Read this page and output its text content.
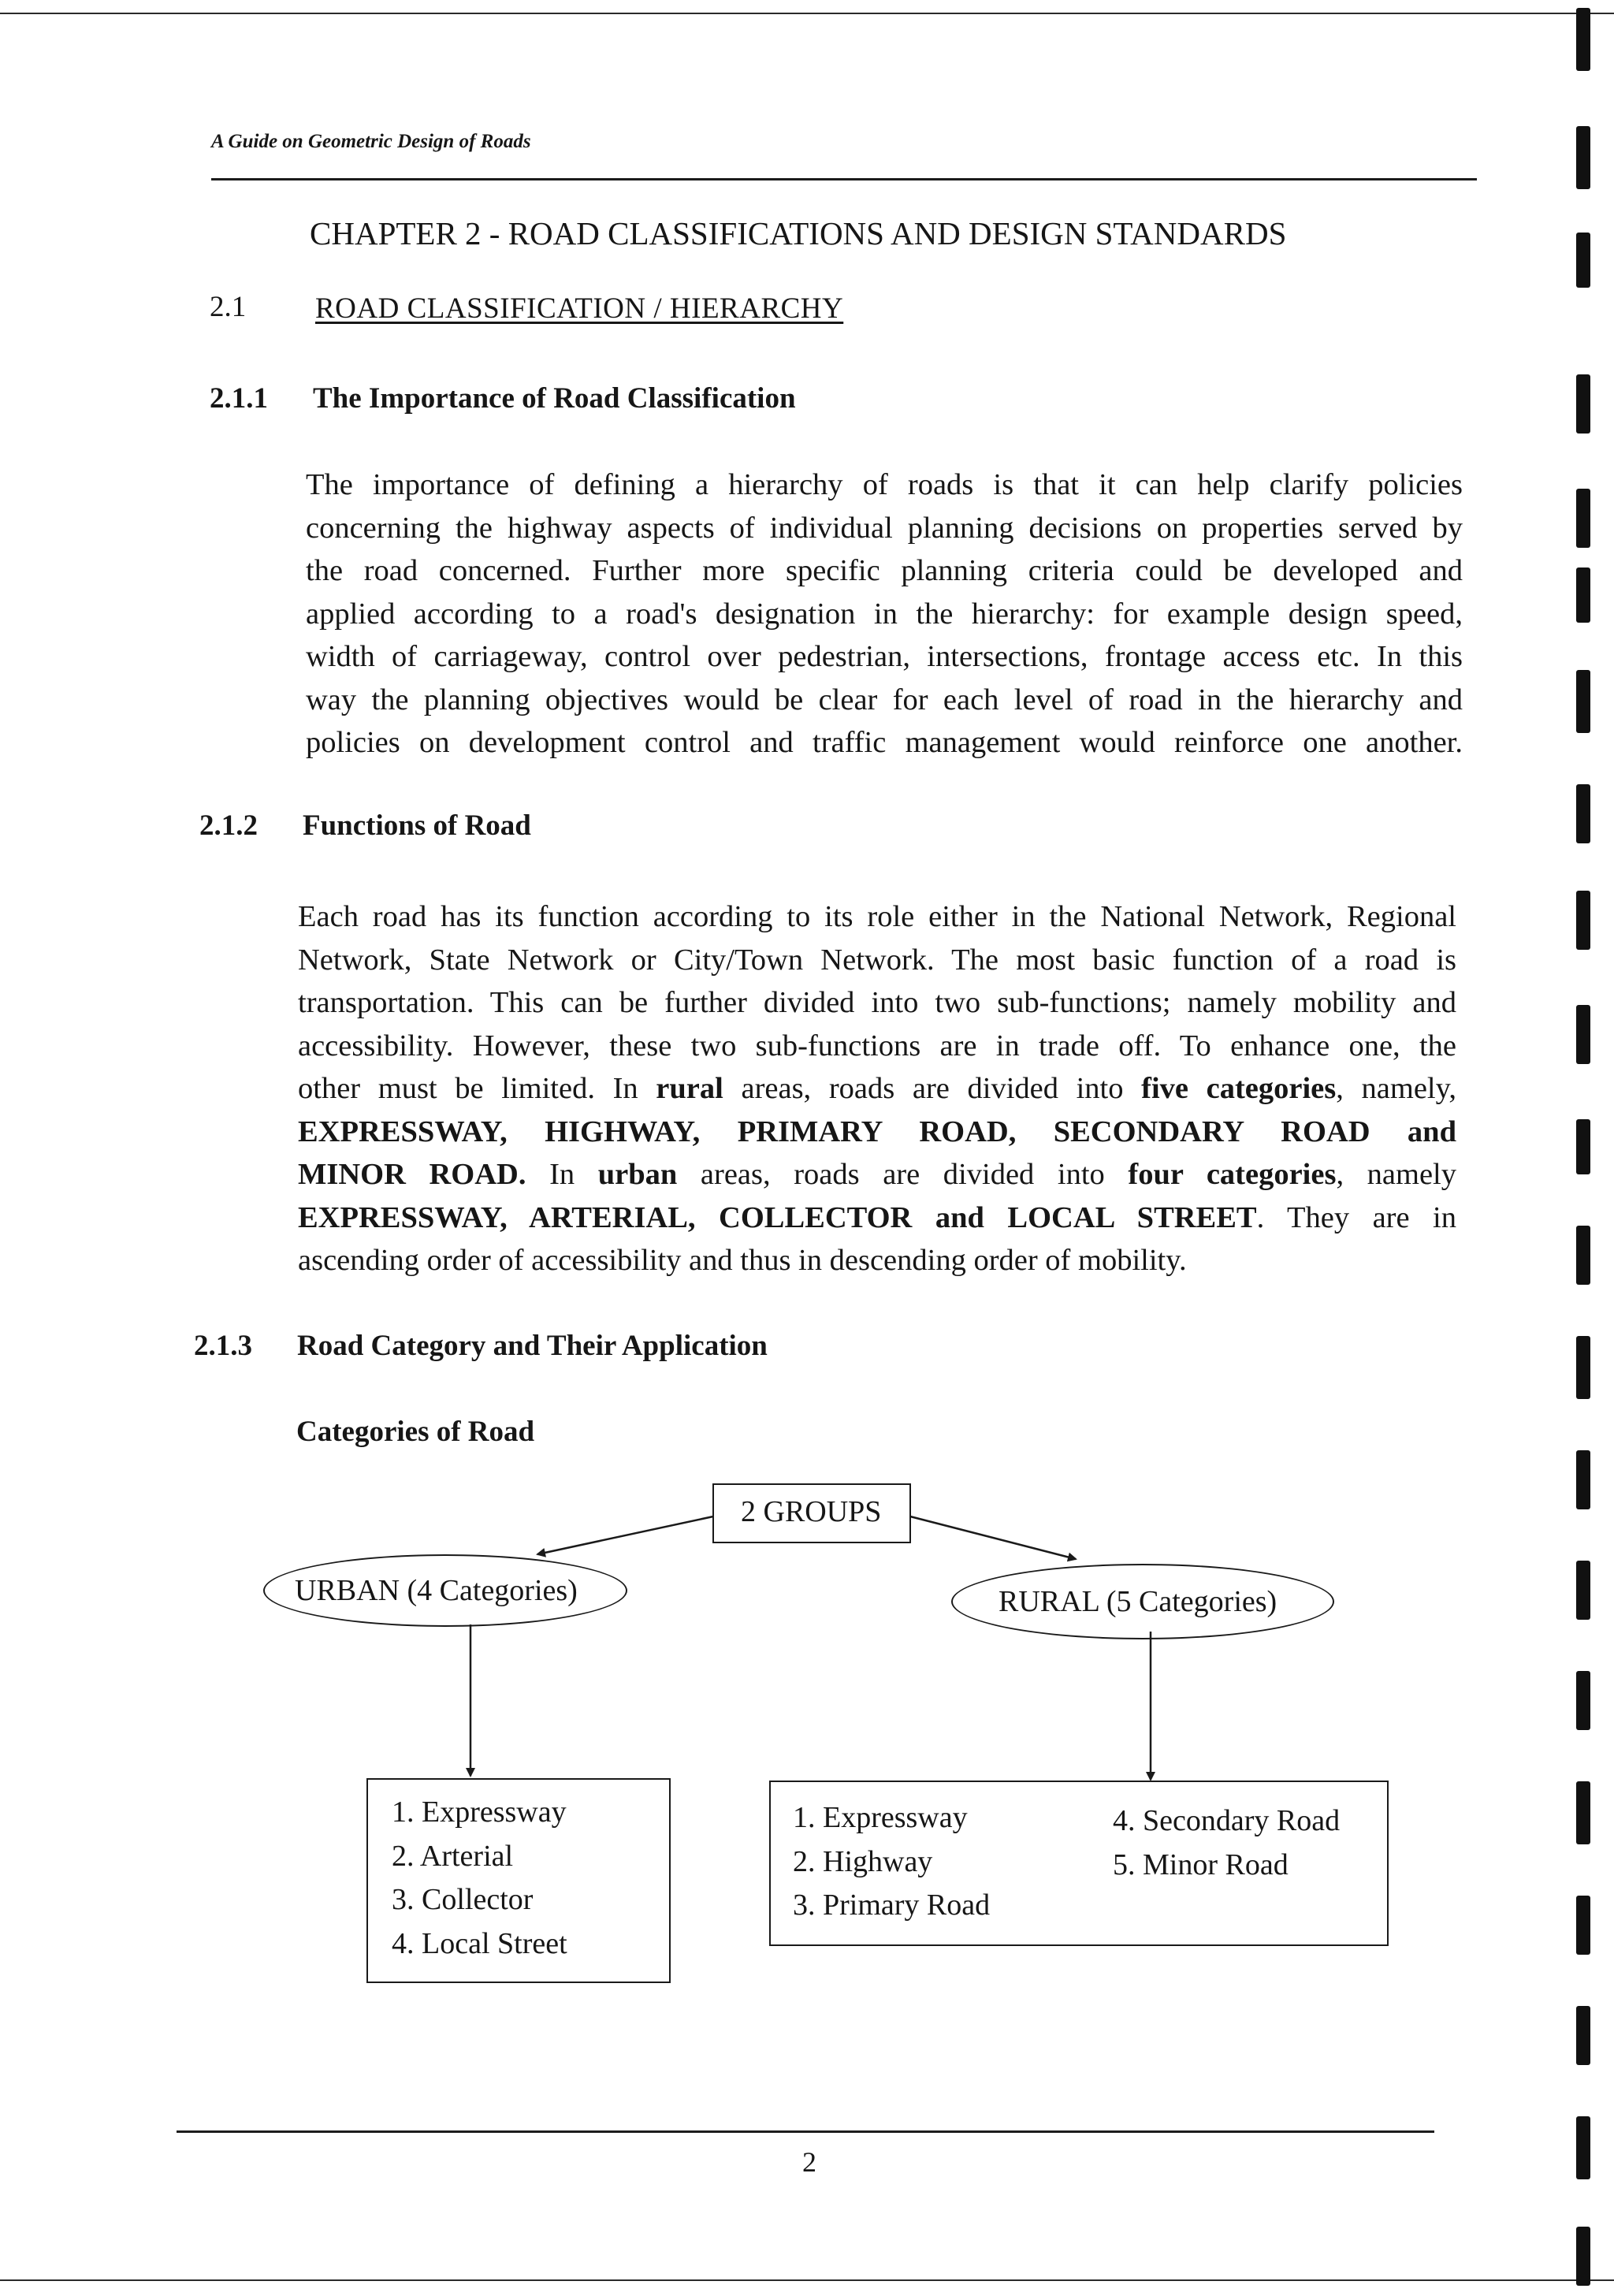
A Guide on Geometric Design of Roads
CHAPTER 2 - ROAD CLASSIFICATIONS AND DESIGN STANDARDS
2.1 ROAD CLASSIFICATION / HIERARCHY
2.1.1 The Importance of Road Classification
The importance of defining a hierarchy of roads is that it can help clarify policies
concerning the highway aspects of individual planning decisions on properties served by
the road concerned. Further more specific planning criteria could be developed and
applied according to a road's designation in the hierarchy: for example design speed,
width of carriageway, control over pedestrian, intersections, frontage access etc. In this
way the planning objectives would be clear for each level of road in the hierarchy and
policies on development control and traffic management would reinforce one another.
2.1.2 Functions of Road
Each road has its function according to its role either in the National Network, Regional
Network, State Network or City/Town Network. The most basic function of a road is
transportation. This can be further divided into two sub-functions; namely mobility and
accessibility. However, these two sub-functions are in trade off. To enhance one, the
other must be limited. In rural areas, roads are divided into five categories, namely,
EXPRESSWAY, HIGHWAY, PRIMARY ROAD, SECONDARY ROAD and
MINOR ROAD. In urban areas, roads are divided into four categories, namely
EXPRESSWAY, ARTERIAL, COLLECTOR and LOCAL STREET. They are in
ascending order of accessibility and thus in descending order of mobility.
2.1.3 Road Category and Their Application
Categories of Road
2 GROUPS
URBAN (4 Categories)	RURAL (5 Categories)
1. Expressway
2. Arterial
3. Collector
4. Local Street
1. Expressway
2. Highway
3. Primary Road
4. Secondary Road
5. Minor Road
2
